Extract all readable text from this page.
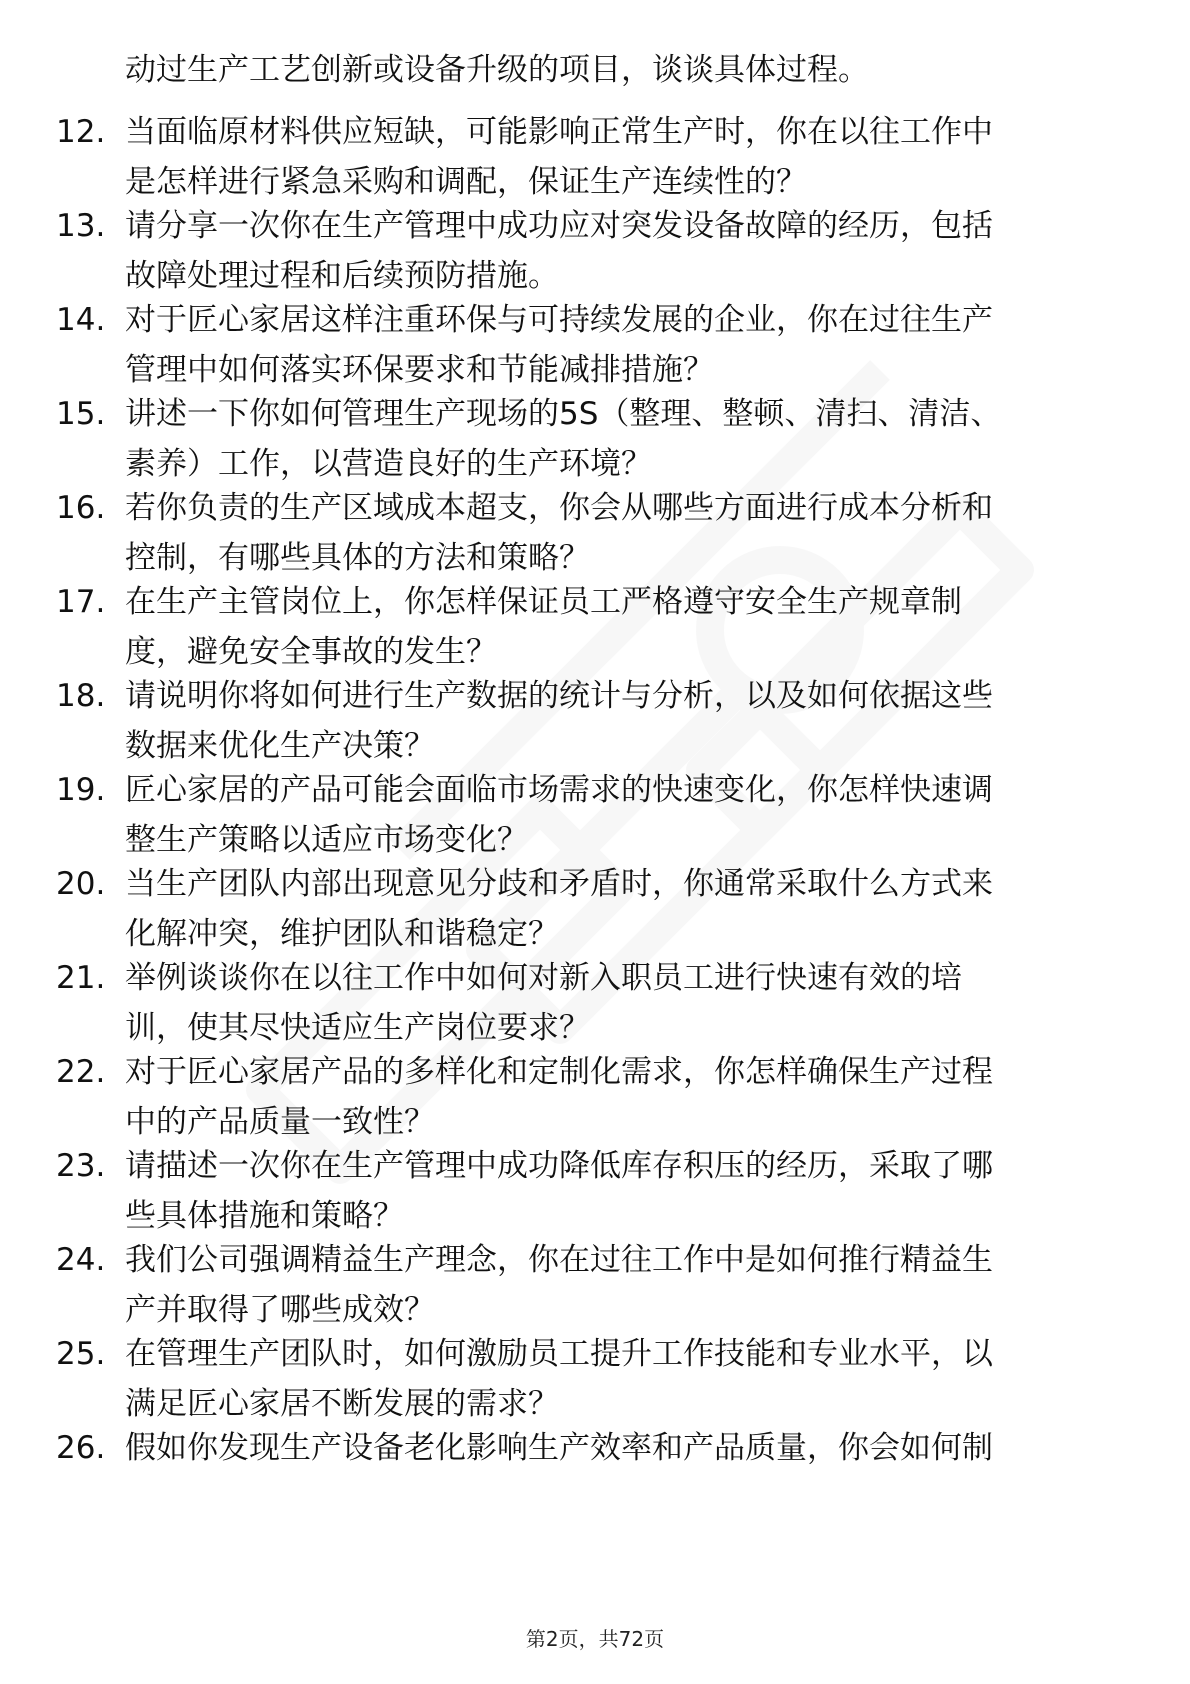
动过生产工艺创新或设备升级的项目，谈谈具体过程。
12. 当面临原材料供应短缺，可能影响正常生产时，你在以往工作中
是怎样进行紧急采购和调配，保证生产连续性的？
13. 请分享一次你在生产管理中成功应对突发设备故障的经历，包括
故障处理过程和后续预防措施。
14. 对于匠心家居这样注重环保与可持续发展的企业，你在过往生产
管理中如何落实环保要求和节能减排措施？
15. 讲述一下你如何管理生产现场的5S（整理、整顿、清扫、清洁、
素养）工作，以营造良好的生产环境？
16. 若你负责的生产区域成本超支，你会从哪些方面进行成本分析和
控制，有哪些具体的方法和策略？
17. 在生产主管岗位上，你怎样保证员工严格遵守安全生产规章制
度，避免安全事故的发生？
18. 请说明你将如何进行生产数据的统计与分析，以及如何依据这些
数据来优化生产决策？
19. 匠心家居的产品可能会面临市场需求的快速变化，你怎样快速调
整生产策略以适应市场变化？
20. 当生产团队内部出现意见分歧和矛盾时，你通常采取什么方式来
化解冲突，维护团队和谐稳定？
21. 举例谈谈你在以往工作中如何对新入职员工进行快速有效的培
训，使其尽快适应生产岗位要求？
22. 对于匠心家居产品的多样化和定制化需求，你怎样确保生产过程
中的产品质量一致性？
23. 请描述一次你在生产管理中成功降低库存积压的经历，采取了哪
些具体措施和策略？
24. 我们公司强调精益生产理念，你在过往工作中是如何推行精益生
产并取得了哪些成效？
25. 在管理生产团队时，如何激励员工提升工作技能和专业水平，以
满足匠心家居不断发展的需求？
26. 假如你发现生产设备老化影响生产效率和产品质量，你会如何制
第2页，共72页
